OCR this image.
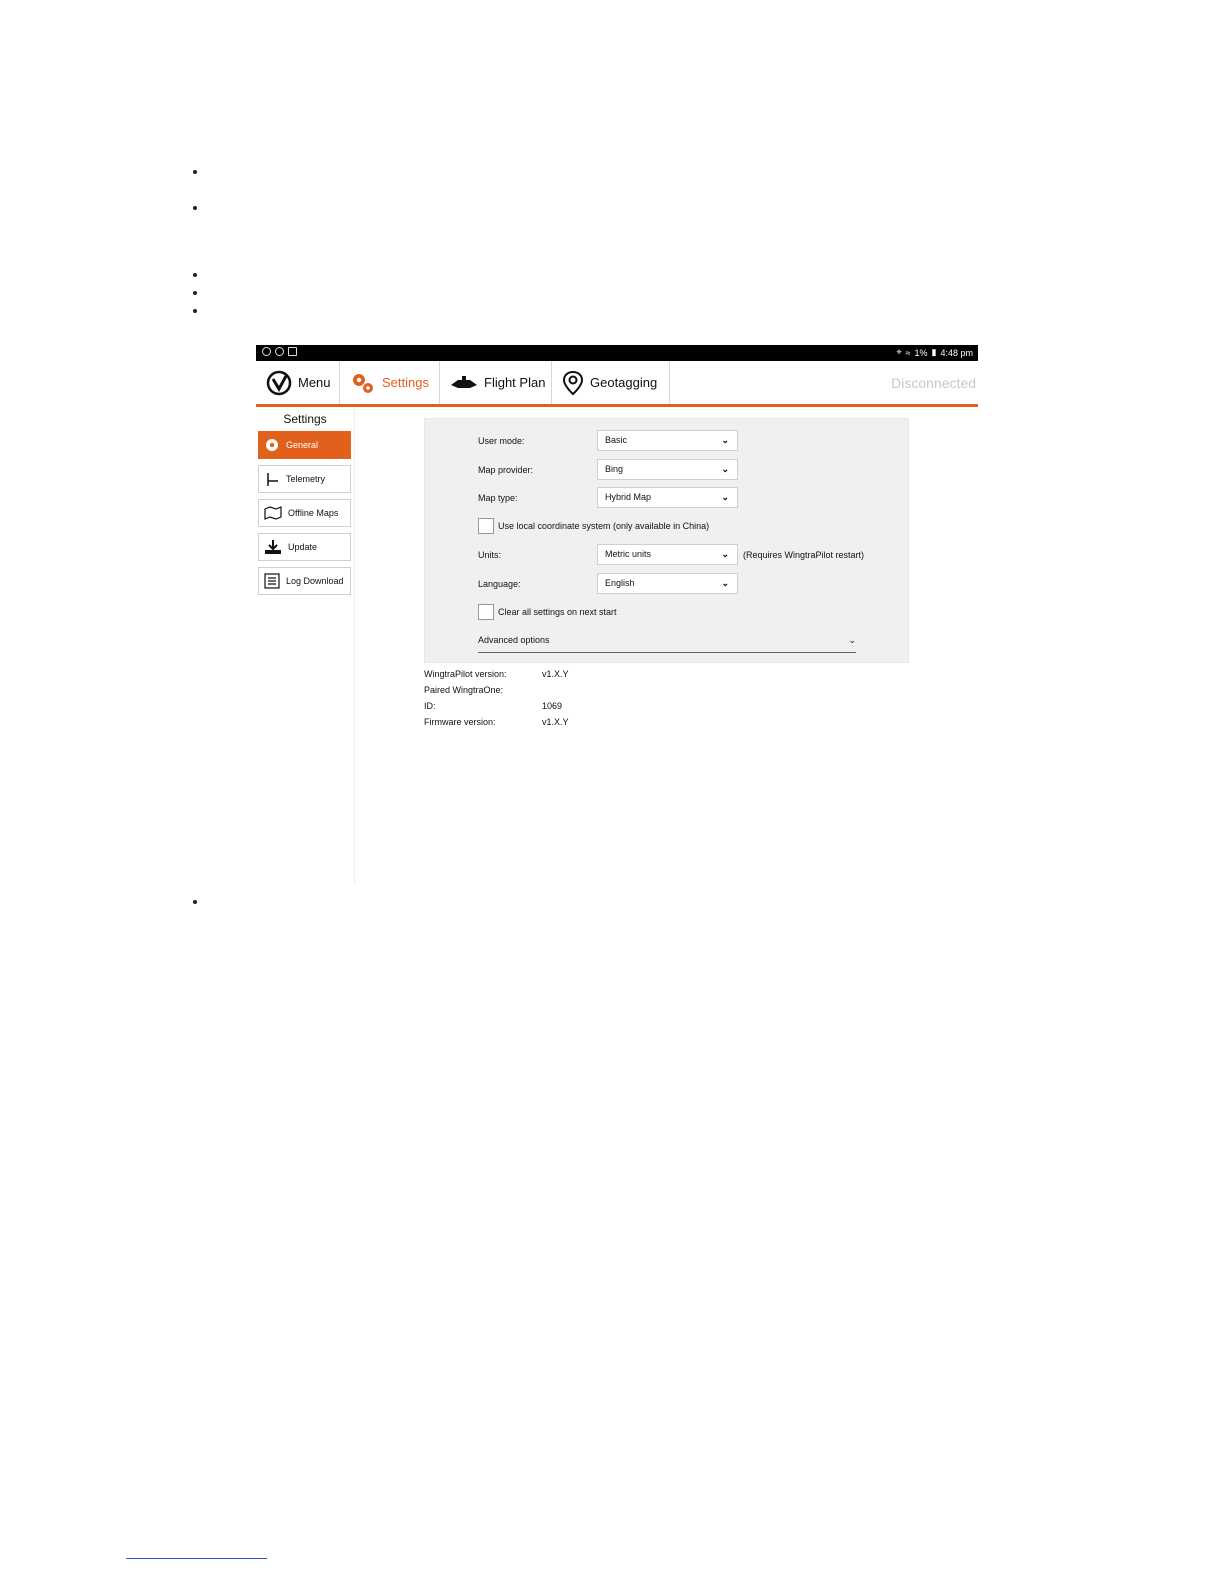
⌖ ≈ 1% ▮ 4:48 pm
Menu	Settings	Flight Plan	Geotagging	Disconnected
Settings
General
Telemetry
Offline Maps
Update
Log Download
User mode:	Basic	⌄
Map provider:	Bing	⌄
Map type:	Hybrid Map	⌄
Use local coordinate system (only available in China)
Units:	Metric units	⌄ (Requires WingtraPilot restart)
Language:	English	⌄
Clear all settings on next start
Advanced options	⌄
WingtraPilot version:	v1.X.Y
Paired WingtraOne:
ID:	1069
Firmware version:	v1.X.Y
